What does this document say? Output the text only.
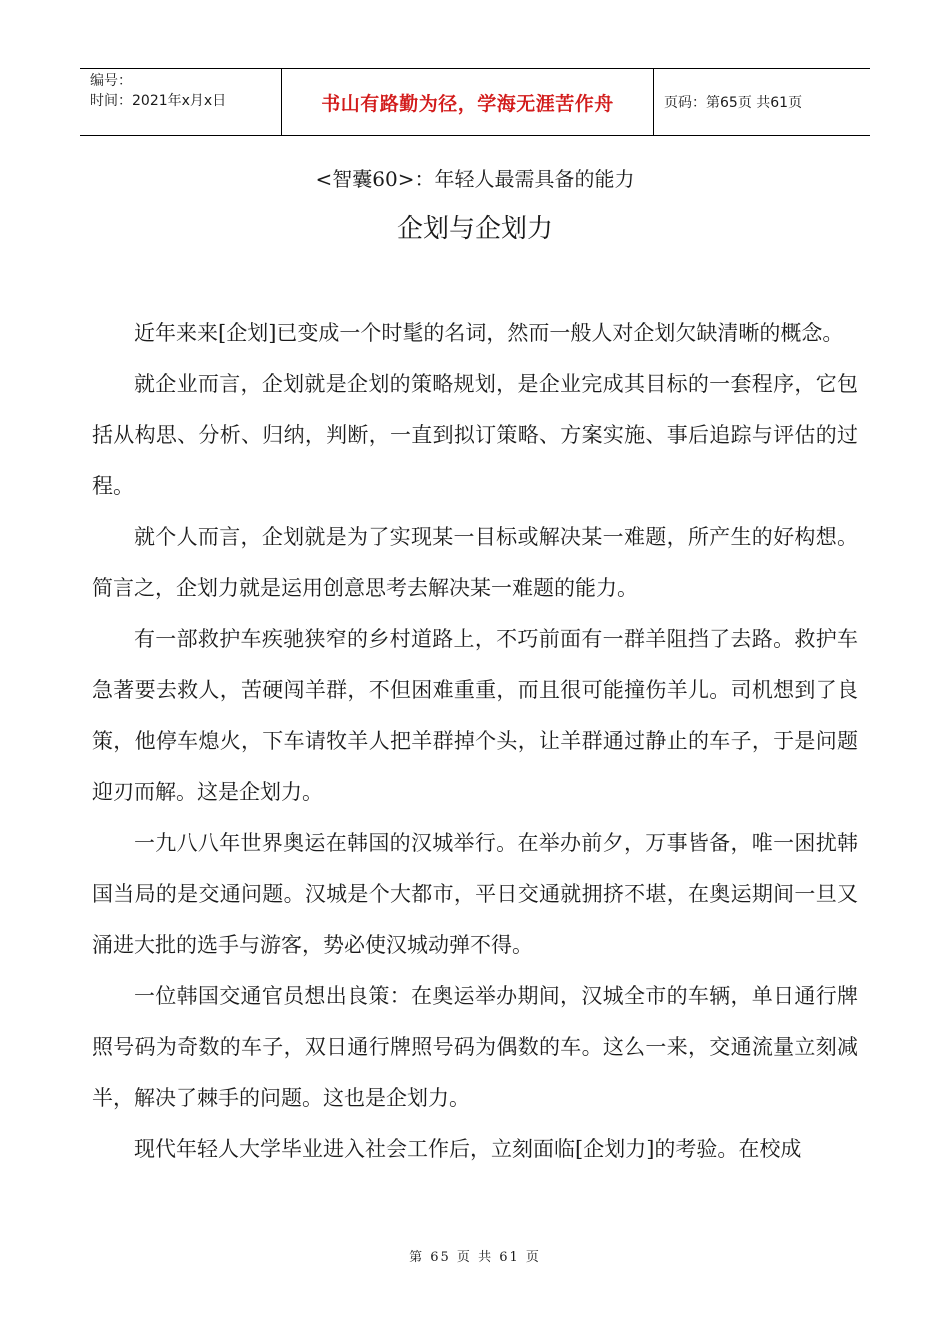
编号：
时间：2021年x月x日	书山有路勤为径，学海无涯苦作舟	页码：第65页 共61页
<智囊60>：年轻人最需具备的能力
企划与企划力

近年来来[企划]已变成一个时髦的名词，然而一般人对企划欠缺清晰的概念。

就企业而言，企划就是企划的策略规划，是企业完成其目标的一套程序，它包括从构思、分析、归纳，判断，一直到拟订策略、方案实施、事后追踪与评估的过程。

就个人而言，企划就是为了实现某一目标或解决某一难题，所产生的好构想。简言之，企划力就是运用创意思考去解决某一难题的能力。

有一部救护车疾驰狭窄的乡村道路上，不巧前面有一群羊阻挡了去路。救护车急著要去救人，苦硬闯羊群，不但困难重重，而且很可能撞伤羊儿。司机想到了良策，他停车熄火，下车请牧羊人把羊群掉个头，让羊群通过静止的车子，于是问题迎刃而解。这是企划力。

一九八八年世界奥运在韩国的汉城举行。在举办前夕，万事皆备，唯一困扰韩国当局的是交通问题。汉城是个大都市，平日交通就拥挤不堪，在奥运期间一旦又涌进大批的选手与游客，势必使汉城动弹不得。

一位韩国交通官员想出良策：在奥运举办期间，汉城全市的车辆，单日通行牌照号码为奇数的车子，双日通行牌照号码为偶数的车。这么一来，交通流量立刻减半，解决了棘手的问题。这也是企划力。

现代年轻人大学毕业进入社会工作后，立刻面临[企划力]的考验。在校成

第 65 页 共 61 页
